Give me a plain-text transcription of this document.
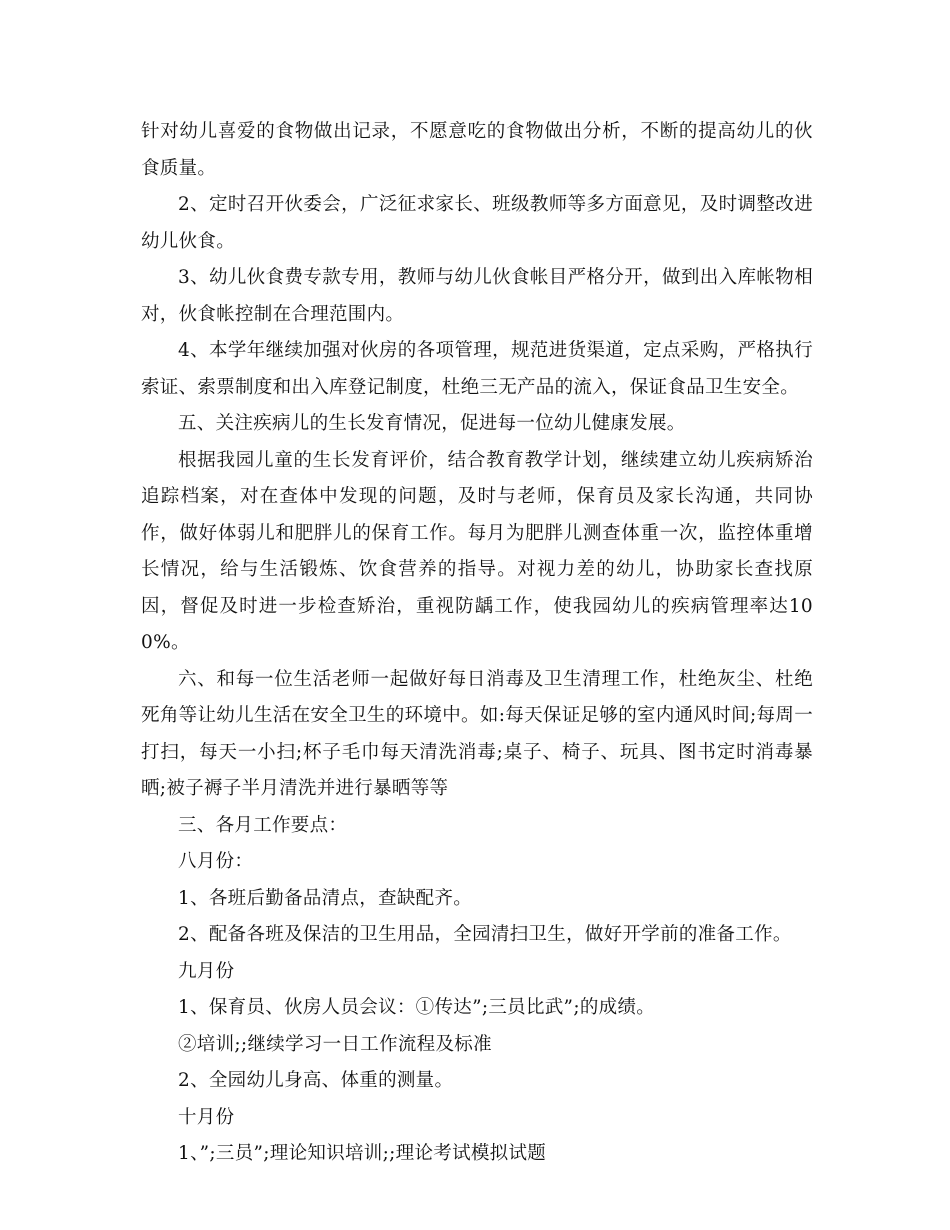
针对幼儿喜爱的食物做出记录，不愿意吃的食物做出分析，不断的提高幼儿的伙食质量。

2、定时召开伙委会，广泛征求家长、班级教师等多方面意见，及时调整改进幼儿伙食。

3、幼儿伙食费专款专用，教师与幼儿伙食帐目严格分开，做到出入库帐物相对，伙食帐控制在合理范围内。

4、本学年继续加强对伙房的各项管理，规范进货渠道，定点采购，严格执行索证、索票制度和出入库登记制度，杜绝三无产品的流入，保证食品卫生安全。

五、关注疾病儿的生长发育情况，促进每一位幼儿健康发展。

根据我园儿童的生长发育评价，结合教育教学计划，继续建立幼儿疾病矫治追踪档案，对在查体中发现的问题，及时与老师，保育员及家长沟通，共同协作，做好体弱儿和肥胖儿的保育工作。每月为肥胖儿测查体重一次，监控体重增长情况，给与生活锻炼、饮食营养的指导。对视力差的幼儿，协助家长查找原因，督促及时进一步检查矫治，重视防龋工作，使我园幼儿的疾病管理率达100%。

六、和每一位生活老师一起做好每日消毒及卫生清理工作，杜绝灰尘、杜绝死角等让幼儿生活在安全卫生的环境中。如:每天保证足够的室内通风时间;每周一打扫，每天一小扫;杯子毛巾每天清洗消毒;桌子、椅子、玩具、图书定时消毒暴晒;被子褥子半月清洗并进行暴晒等等

三、各月工作要点：

八月份：

1、各班后勤备品清点，查缺配齐。

2、配备各班及保洁的卫生用品，全园清扫卫生，做好开学前的准备工作。

九月份

1、保育员、伙房人员会议：①传达”;三员比武”;的成绩。

②培训;;继续学习一日工作流程及标准

2、全园幼儿身高、体重的测量。

十月份

1、”;三员”;理论知识培训;;理论考试模拟试题
